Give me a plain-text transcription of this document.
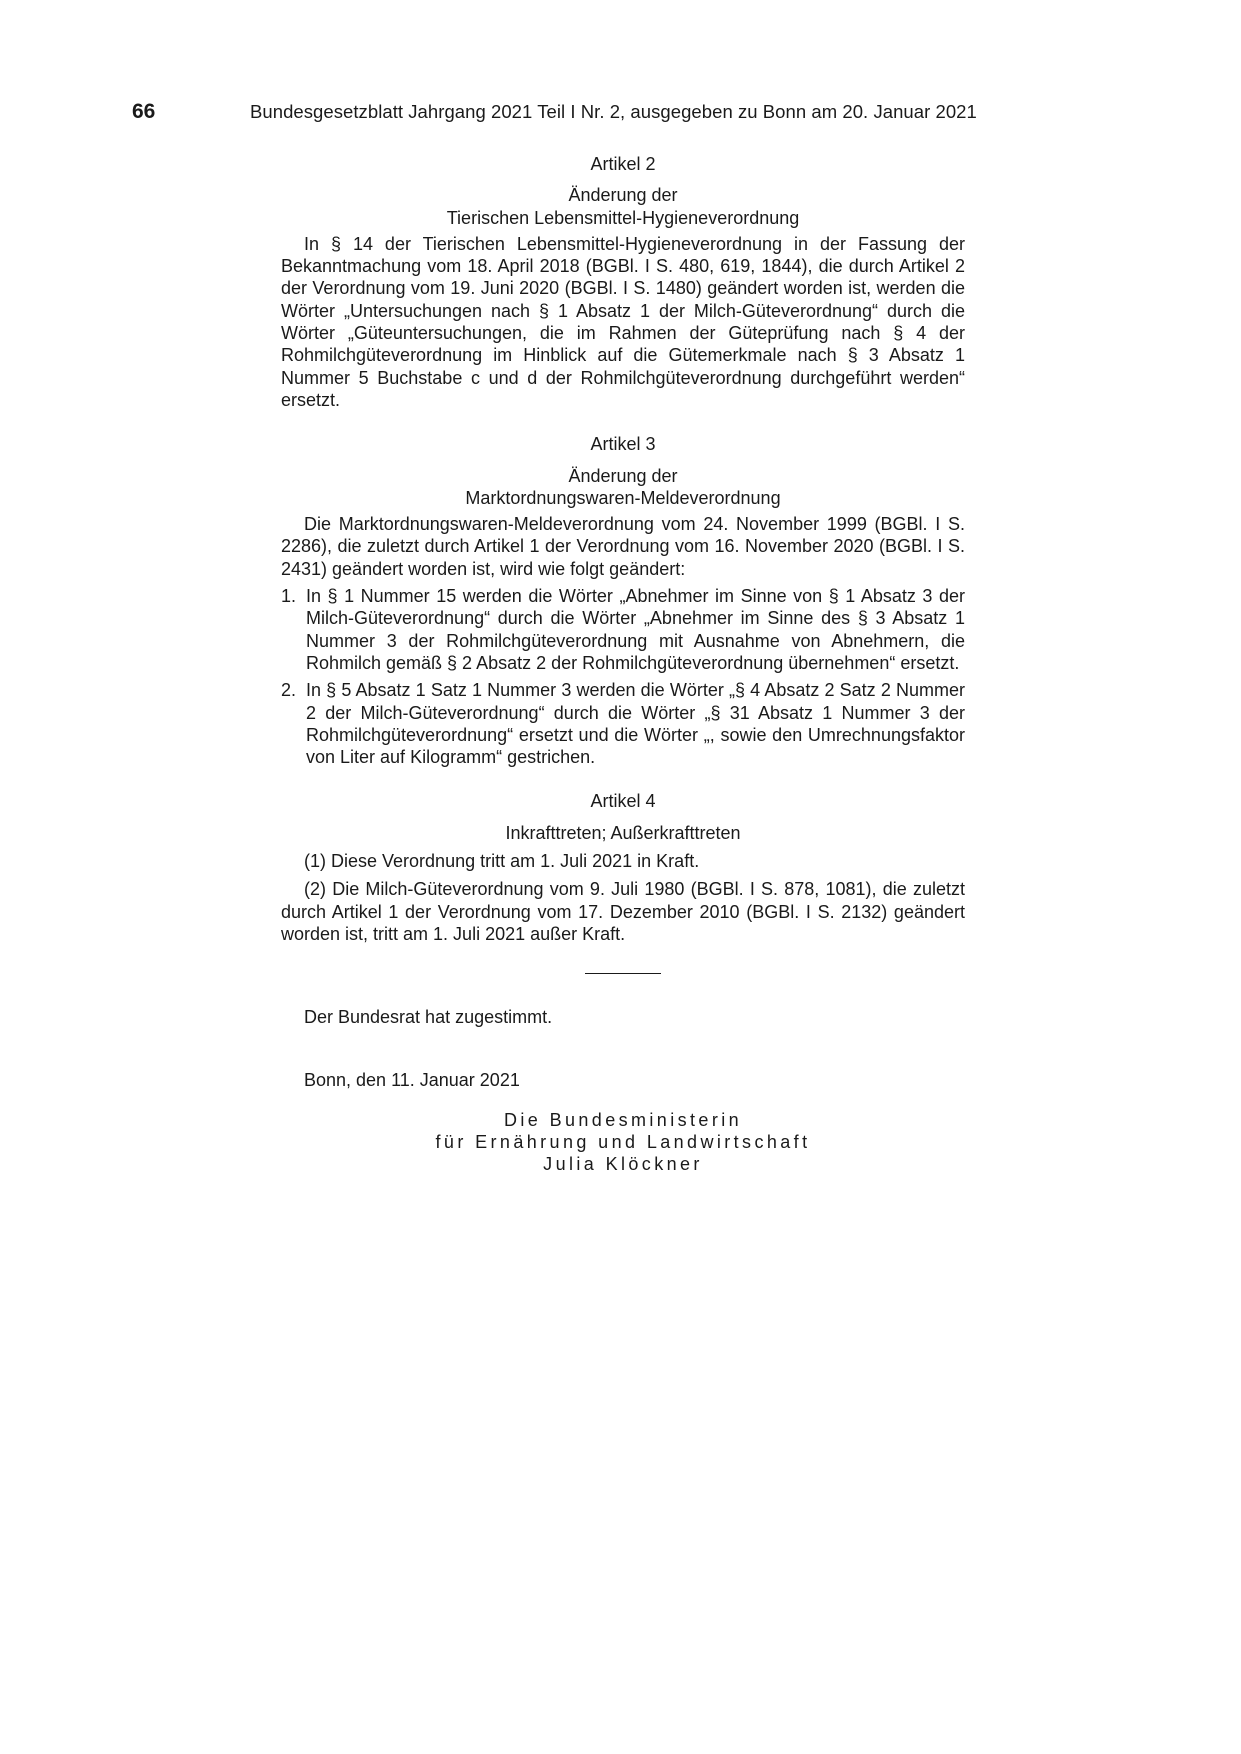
66	Bundesgesetzblatt Jahrgang 2021 Teil I Nr. 2, ausgegeben zu Bonn am 20. Januar 2021

Artikel 2

Änderung der
Tierischen Lebensmittel-Hygieneverordnung

In § 14 der Tierischen Lebensmittel-Hygieneverordnung in der Fassung der Bekanntmachung vom 18. April 2018 (BGBl. I S. 480, 619, 1844), die durch Artikel 2 der Verordnung vom 19. Juni 2020 (BGBl. I S. 1480) geändert worden ist, werden die Wörter „Untersuchungen nach § 1 Absatz 1 der Milch-Güteverordnung“ durch die Wörter „Güteuntersuchungen, die im Rahmen der Güteprüfung nach § 4 der Rohmilchgüteverordnung im Hinblick auf die Gütemerkmale nach § 3 Absatz 1 Nummer 5 Buchstabe c und d der Rohmilchgüteverordnung durchgeführt werden“ ersetzt.

Artikel 3

Änderung der
Marktordnungswaren-Meldeverordnung

Die Marktordnungswaren-Meldeverordnung vom 24. November 1999 (BGBl. I S. 2286), die zuletzt durch Artikel 1 der Verordnung vom 16. November 2020 (BGBl. I S. 2431) geändert worden ist, wird wie folgt geändert:

1. In § 1 Nummer 15 werden die Wörter „Abnehmer im Sinne von § 1 Absatz 3 der Milch-Güteverordnung“ durch die Wörter „Abnehmer im Sinne des § 3 Absatz 1 Nummer 3 der Rohmilchgüteverordnung mit Ausnahme von Abnehmern, die Rohmilch gemäß § 2 Absatz 2 der Rohmilchgüteverordnung übernehmen“ ersetzt.
2. In § 5 Absatz 1 Satz 1 Nummer 3 werden die Wörter „§ 4 Absatz 2 Satz 2 Nummer 2 der Milch-Güteverordnung“ durch die Wörter „§ 31 Absatz 1 Nummer 3 der Rohmilchgüteverordnung“ ersetzt und die Wörter „, sowie den Umrechnungsfaktor von Liter auf Kilogramm“ gestrichen.

Artikel 4

Inkrafttreten; Außerkrafttreten

(1) Diese Verordnung tritt am 1. Juli 2021 in Kraft.

(2) Die Milch-Güteverordnung vom 9. Juli 1980 (BGBl. I S. 878, 1081), die zuletzt durch Artikel 1 der Verordnung vom 17. Dezember 2010 (BGBl. I S. 2132) geändert worden ist, tritt am 1. Juli 2021 außer Kraft.

Der Bundesrat hat zugestimmt.

Bonn, den 11. Januar 2021

Die Bundesministerin

für Ernährung und Landwirtschaft

Julia Klöckner
